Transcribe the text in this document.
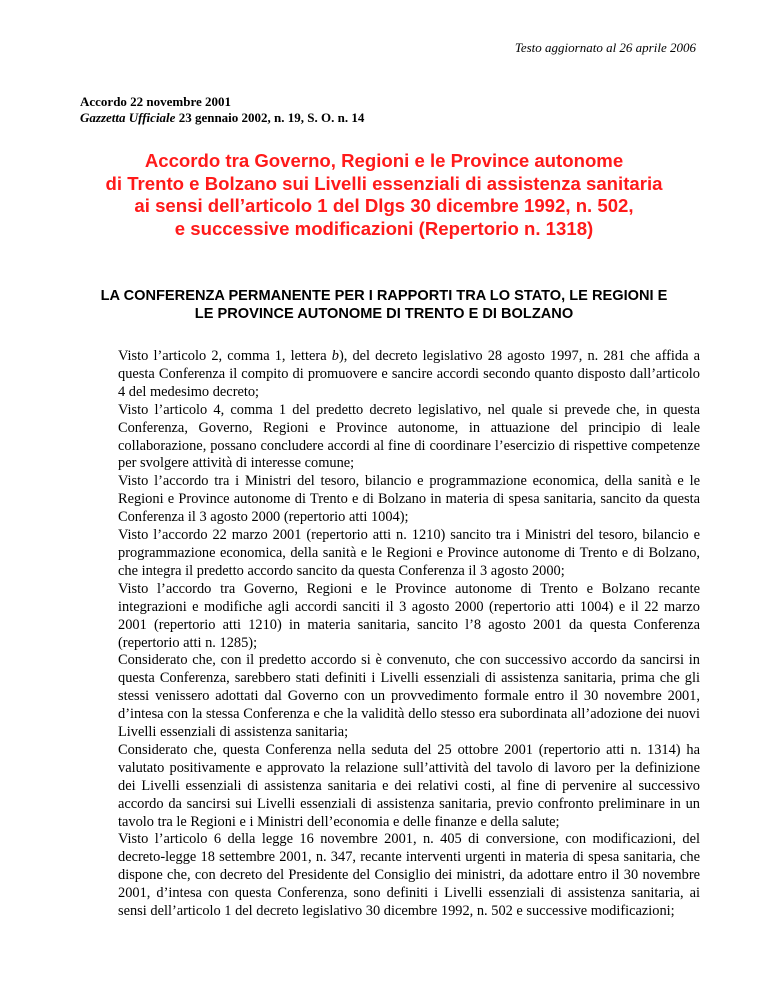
Testo aggiornato al 26 aprile 2006
Accordo 22 novembre 2001
Gazzetta Ufficiale 23 gennaio 2002, n. 19, S. O. n. 14
Accordo tra Governo, Regioni e le Province autonome
di Trento e Bolzano sui Livelli essenziali di assistenza sanitaria
ai sensi dell’articolo 1 del Dlgs 30 dicembre 1992, n. 502,
e successive modificazioni (Repertorio n. 1318)
LA CONFERENZA PERMANENTE PER I RAPPORTI TRA LO STATO, LE REGIONI E
LE PROVINCE AUTONOME DI TRENTO E DI BOLZANO

Visto l’articolo 2, comma 1, lettera b), del decreto legislativo 28 agosto 1997, n. 281 che affida a questa Conferenza il compito di promuovere e sancire accordi secondo quanto disposto dall’articolo 4 del medesimo decreto;

Visto l’articolo 4, comma 1 del predetto decreto legislativo, nel quale si prevede che, in questa Conferenza, Governo, Regioni e Province autonome, in attuazione del principio di leale collaborazione, possano concludere accordi al fine di coordinare l’esercizio di rispettive competenze per svolgere attività di interesse comune;

Visto l’accordo tra i Ministri del tesoro, bilancio e programmazione economica, della sanità e le Regioni e Province autonome di Trento e di Bolzano in materia di spesa sanitaria, sancito da questa Conferenza il 3 agosto 2000 (repertorio atti 1004);

Visto l’accordo 22 marzo 2001 (repertorio atti n. 1210) sancito tra i Ministri del tesoro, bilancio e programmazione economica, della sanità e le Regioni e Province autonome di Trento e di Bolzano, che integra il predetto accordo sancito da questa Conferenza il 3 agosto 2000;

Visto l’accordo tra Governo, Regioni e le Province autonome di Trento e Bolzano recante integrazioni e modifiche agli accordi sanciti il 3 agosto 2000 (repertorio atti 1004) e il 22 marzo 2001 (repertorio atti 1210) in materia sanitaria, sancito l’8 agosto 2001 da questa Conferenza (repertorio atti n. 1285);

Considerato che, con il predetto accordo si è convenuto, che con successivo accordo da sancirsi in questa Conferenza, sarebbero stati definiti i Livelli essenziali di assistenza sanitaria, prima che gli stessi venissero adottati dal Governo con un provvedimento formale entro il 30 novembre 2001, d’intesa con la stessa Conferenza e che la validità dello stesso era subordinata all’adozione dei nuovi Livelli essenziali di assistenza sanitaria;

Considerato che, questa Conferenza nella seduta del 25 ottobre 2001 (repertorio atti n. 1314) ha valutato positivamente e approvato la relazione sull’attività del tavolo di lavoro per la definizione dei Livelli essenziali di assistenza sanitaria e dei relativi costi, al fine di pervenire al successivo accordo da sancirsi sui Livelli essenziali di assistenza sanitaria, previo confronto preliminare in un tavolo tra le Regioni e i Ministri dell’economia e delle finanze e della salute;

Visto l’articolo 6 della legge 16 novembre 2001, n. 405 di conversione, con modificazioni, del decreto-legge 18 settembre 2001, n. 347, recante interventi urgenti in materia di spesa sanitaria, che dispone che, con decreto del Presidente del Consiglio dei ministri, da adottare entro il 30 novembre 2001, d’intesa con questa Conferenza, sono definiti i Livelli essenziali di assistenza sanitaria, ai sensi dell’articolo 1 del decreto legislativo 30 dicembre 1992, n. 502 e successive modificazioni;
